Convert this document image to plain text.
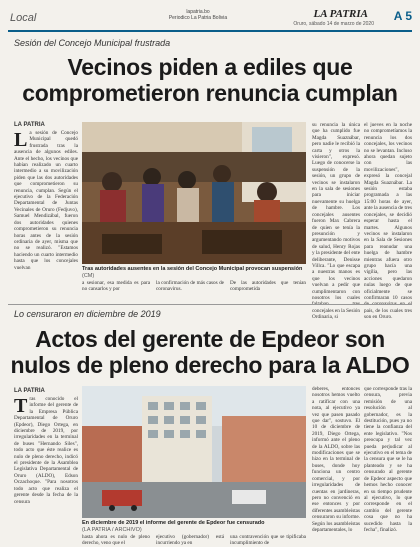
Local	lapatria.bo
Periodico La Patria Bolivia	LA PATRIA
Oruro, sábado 14 de marzo de 2020
A 5
Sesión del Concejo Municipal frustrada
Vecinos piden a ediles que
comprometieron renuncia cumplan
LA PATRIA
La sesión de Concejo Municipal quedó frustrada tras la ausencia de algunos ediles. Ante el hecho, los vecinos que habían realizado un cuarto intermedio a su movilización piden que las dos autoridades que comprometieron su renuncia, cumplan. Según el ejecutivo de la Federación Departamental de Juntas Vecinales de Oruro (Fedjuvo), Samuel Mendizábal, fueron dos autoridades quienes comprometieron su renuncia horas antes de la sesión ordinaria de ayer, misma que no se realizó. "Estamos haciendo un cuarto intermedio hasta que los concejales vuelvan	Tras autoridades ausentes en la sesión del Concejo Municipal provocan suspensión (CM)
a sesionar, esa medida es para no cansarlos y por
la confirmación de más casos de coronavirus.
De las autoridades que tenían comprometida
su renuncia la única que ha cumplido fue Magda Suaznábar, pero nadie le recibió la carta y otros la visieron", expresó. Luego de conocerse la suspensión de la sesión, un grupo de vecinos se instalaron en la sala de sesiones para iniciar nuevamente su huelga de hambre. Los concejales ausentes fueron Max Cabrera de quien se tenía la presunción y argumentando motivos de salud, Henry Rojas y la presidente del ente deliberante, Denisse Villca. "Lo que escapa a nuestras manos es que los vecinos vuelvan a pedir que cumplimentaron con nosotros los cuales concejales en la Sesión Ordinaria, si
el jueves en la noche no comprometíamos la renuncia los dos concejales, los vecinos no se levantan. Incluso ahora quedan sujeto con las movilizaciones", expresó la concejal Magda Suaznábar. La sesión estaba programada a las 15:00 horas de ayer, ante la ausencia de tres concejales, se decidió esperar hasta el martes. Algunos vecinos se instalaron en la Sala de Sesiones para reanudar una huelga de hambre mientras afuera otro grupo hacía una vigilia, pero las acciones quedaron nulas luego de que oficialmente se confirmaran 10 casos país, de los cuales tres son en Oruro.
Lo censuraron en diciembre de 2019
Actos del gerente de Epdeor son
nulos de pleno derecho para la ALDO
LA PATRIA
Tras conocido el informe del gerente de la Empresa Pública Departamental de Oruro (Epdeor), Diego Ortega, en diciembre de 2019, por irregularidades en la terminal de buses "Hernando Siles", todo acto que éste realice es nulo de pleno derecho, indicó el presidente de la Asamblea Legislativa Departamental de Oruro (ALDO), Edson Oczachoque. "Para nosotros todo acto que realiza el gerente desde la fecha de la censura
En diciembre de 2019 el informe del gerente de Epdeor fue censurado
(LA PATRIA / ARCHIVO)
hasta ahora es nulo de pleno derecho, veno que el
ejecutivo (gobernador) está incurriendo ya en
una contravención que se tipificaba incumplimiento de
deberes, entonces nosotros hemos vuelto a ratificar con una nota, al ejecutivo ya vez que pasen pasado que dar", sostuvo. El 10 de diciembre de 2019, Diego Ortega, informó ante el pleno de la ALDO, sobre las modificaciones que se hizo en la terminal de buses, donde hoy funciona un centro comercial, y por irregularidades de cuentas en jardineras, pero no convenció en ese entonces y por diferentes asambleístas censuraron su informe. Según los asambleístas departamentales, lo
que corresponde tras la censura, previa remisión de una resolución al gobernador, es la destitución, pues ya no tiene la confianza del ente legislativo. "Nos preocupa y tal vez pueda perjudicar al ejecutivo en el tema de la censura que se le ha planteado y se ha censurado al gerente de Epdeor aspecto que hemos hecho conocer en su tiempo prudente al ejecutivo, lo que corresponde en el cambio del gerente cosa que no ha sucedido hasta la fecha", finalizó.
